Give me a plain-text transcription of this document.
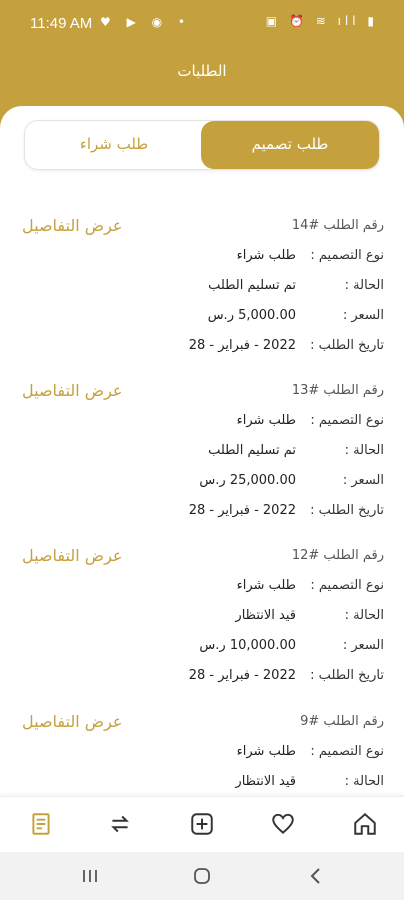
11:49 AM ♥ ▶ ◉ •	▣ ⏰ ≋ ıll ▮
الطلبات
طلب شراء	طلب تصميم
عرض التفاصيل	رقم الطلب #14
نوع التصميم :
طلب شراء
الحالة :
تم تسليم الطلب
السعر :
5,000.00 ر.س
تاريخ الطلب :
2022 - فبراير - 28
عرض التفاصيل	رقم الطلب #13
نوع التصميم :
طلب شراء
الحالة :
تم تسليم الطلب
السعر :
25,000.00 ر.س
تاريخ الطلب :
2022 - فبراير - 28
عرض التفاصيل	رقم الطلب #12
نوع التصميم :
طلب شراء
الحالة :
قيد الانتظار
السعر :
10,000.00 ر.س
تاريخ الطلب :
2022 - فبراير - 28
عرض التفاصيل	رقم الطلب #9
نوع التصميم :
طلب شراء
الحالة :
قيد الانتظار
